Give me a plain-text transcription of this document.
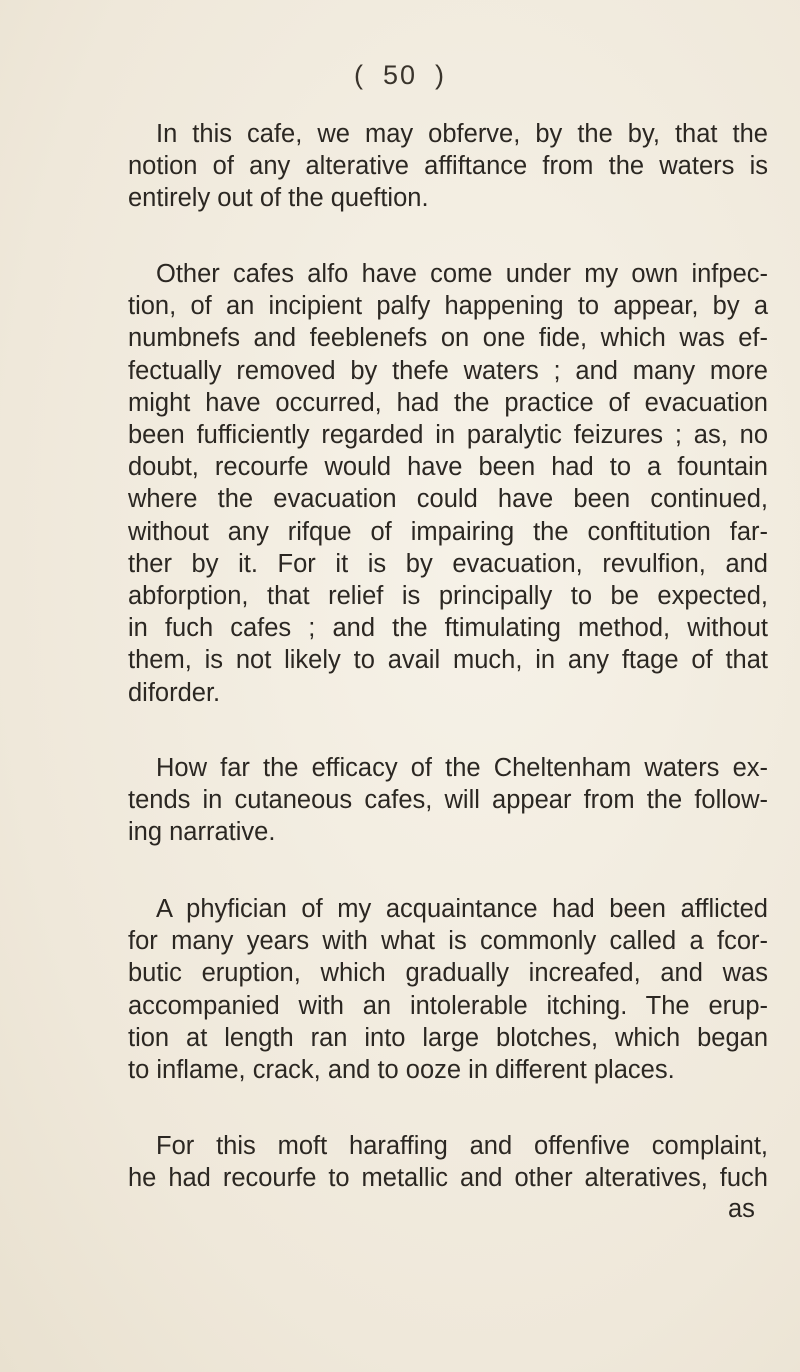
( 50 )
In this cafe, we may obferve, by the by, that the
notion of any alterative affiftance from the waters is
entirely out of the queftion.
Other cafes alfo have come under my own infpec-
tion, of an incipient palfy happening to appear, by a
numbnefs and feeblenefs on one fide, which was ef-
fectually removed by thefe waters ; and many more
might have occurred, had the practice of evacuation
been fufficiently regarded in paralytic feizures ; as, no
doubt, recourfe would have been had to a fountain
where the evacuation could have been continued,
without any rifque of impairing the conftitution far-
ther by it. For it is by evacuation, revulfion, and
abforption, that relief is principally to be expected,
in fuch cafes ; and the ftimulating method, without
them, is not likely to avail much, in any ftage of that
diforder.
How far the efficacy of the Cheltenham waters ex-
tends in cutaneous cafes, will appear from the follow-
ing narrative.
A phyfician of my acquaintance had been afflicted
for many years with what is commonly called a fcor-
butic eruption, which gradually increafed, and was
accompanied with an intolerable itching. The erup-
tion at length ran into large blotches, which began
to inflame, crack, and to ooze in different places.
For this moft haraffing and offenfive complaint,
he had recourfe to metallic and other alteratives, fuch
as
